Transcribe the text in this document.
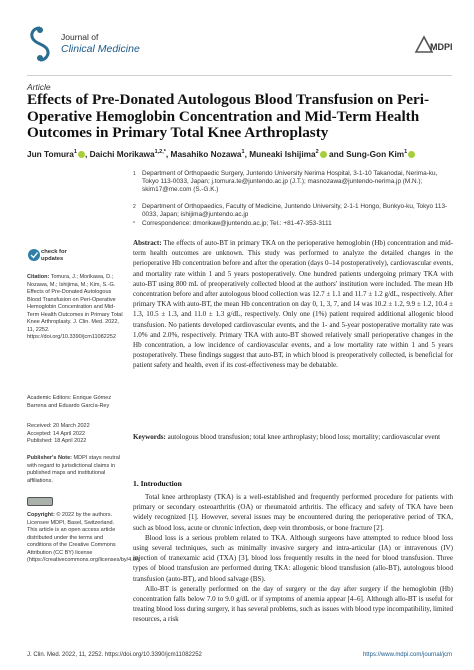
Journal of
Clinical Medicine	MDPI
Article
Effects of Pre-Donated Autologous Blood Transfusion on Peri-Operative Hemoglobin Concentration and Mid-Term Health Outcomes in Primary Total Knee Arthroplasty
Jun Tomura$^1$ , Daichi Morikawa$^{1,2,*}$, Masahiko Nozawa$^1$, Muneaki Ishijima$^2$ and Sung-Gon Kim$^1$
1 Department of Orthopaedic Surgery, Juntendo University Nerima Hospital, 3-1-10 Takanodai, Nerima-ku, Tokyo 113-0033, Japan; j.tomura.te@juntendo.ac.jp (J.T.); masnozawa@juntendo-nerima.jp (M.N.); skim17@me.com (S.-G.K.)
2 Department of Orthopaedics, Faculty of Medicine, Juntendo University, 2-1-1 Hongo, Bunkyo-ku, Tokyo 113-0033, Japan; ishijima@juntendo.ac.jp
* Correspondence: dmorikaw@juntendo.ac.jp; Tel.: +81-47-353-3111
Abstract: The effects of auto-BT in primary TKA on the perioperative hemoglobin (Hb) concentration and mid-term health outcomes are unknown. This study was performed to analyze the detailed changes in the perioperative Hb concentration before and after the operation (days 0–14 postoperatively), cardiovascular events, and mortality rate within 1 and 5 years postoperatively. One hundred patients undergoing primary TKA with auto-BT using 800 mL of preoperatively collected blood at the authors' institution were included. The mean Hb concentration before and after autologous blood collection was 12.7 ± 1.1 and 11.7 ± 1.2 g/dL, respectively. After primary TKA with auto-BT, the mean Hb concentration on day 0, 1, 3, 7, and 14 was 10.2 ± 1.2, 9.9 ± 1.2, 10.4 ± 1.3, 10.5 ± 1.3, and 11.0 ± 1.3 g/dL, respectively. Only one (1%) patient required additional allogenic blood transfusion. No patients developed cardiovascular events, and the 1- and 5-year postoperative mortality rate was 1.0% and 2.0%, respectively. Primary TKA with auto-BT showed relatively small perioperative changes in the Hb concentration, a low incidence of cardiovascular events, and a low mortality rate within 1 and 5 years postoperatively. These findings suggest that auto-BT, in which blood is preoperatively collected, is beneficial for patient safety and health, even if its cost-effectiveness may be debatable.
Keywords: autologous blood transfusion; total knee arthroplasty; blood loss; mortality; cardiovascular event
check for
updates
Citation: Tomura, J.; Morikawa, D.; Nozawa, M.; Ishijima, M.; Kim, S.-G. Effects of Pre-Donated Autologous Blood Transfusion on Peri-Operative Hemoglobin Concentration and Mid-Term Health Outcomes in Primary Total Knee Arthroplasty. J. Clin. Med. 2022, 11, 2252. https://doi.org/10.3390/jcm11082252
Academic Editors: Enrique Gómez Barrena and Eduardo García-Rey
Received: 20 March 2022
Accepted: 14 April 2022
Published: 18 April 2022
Publisher's Note: MDPI stays neutral with regard to jurisdictional claims in published maps and institutional affiliations.
Copyright: © 2022 by the authors. Licensee MDPI, Basel, Switzerland. This article is an open access article distributed under the terms and conditions of the Creative Commons Attribution (CC BY) license (https://creativecommons.org/licenses/by/4.0/).
1. Introduction

Total knee arthroplasty (TKA) is a well-established and frequently performed procedure for patients with primary or secondary osteoarthritis (OA) or rheumatoid arthritis. The efficacy and safety of TKA have been widely recognized [1]. However, several issues may be encountered during the perioperative period of TKA, such as blood loss, acute or chronic infection, deep vein thrombosis, or bone fracture [2].

Blood loss is a serious problem related to TKA. Although surgeons have attempted to reduce blood loss using several techniques, such as minimally invasive surgery and intra-articular (IA) or intravenous (IV) injection of tranexamic acid (TXA) [3], blood loss frequently results in the need for blood transfusion. Three types of blood transfusion are performed during TKA: allogenic blood transfusion (allo-BT), autologous blood transfusion (auto-BT), and blood salvage (BS).

Allo-BT is generally performed on the day of surgery or the day after surgery if the hemoglobin (Hb) concentration falls below 7.0 to 9.0 g/dL or if symptoms of anemia appear [4–6]. Although allo-BT is useful for treating blood loss during surgery, it has several problems, such as issues with blood type incompatibility, limited resources, a risk

J. Clin. Med. 2022, 11, 2252. https://doi.org/10.3390/jcm11082252	https://www.mdpi.com/journal/jcm
